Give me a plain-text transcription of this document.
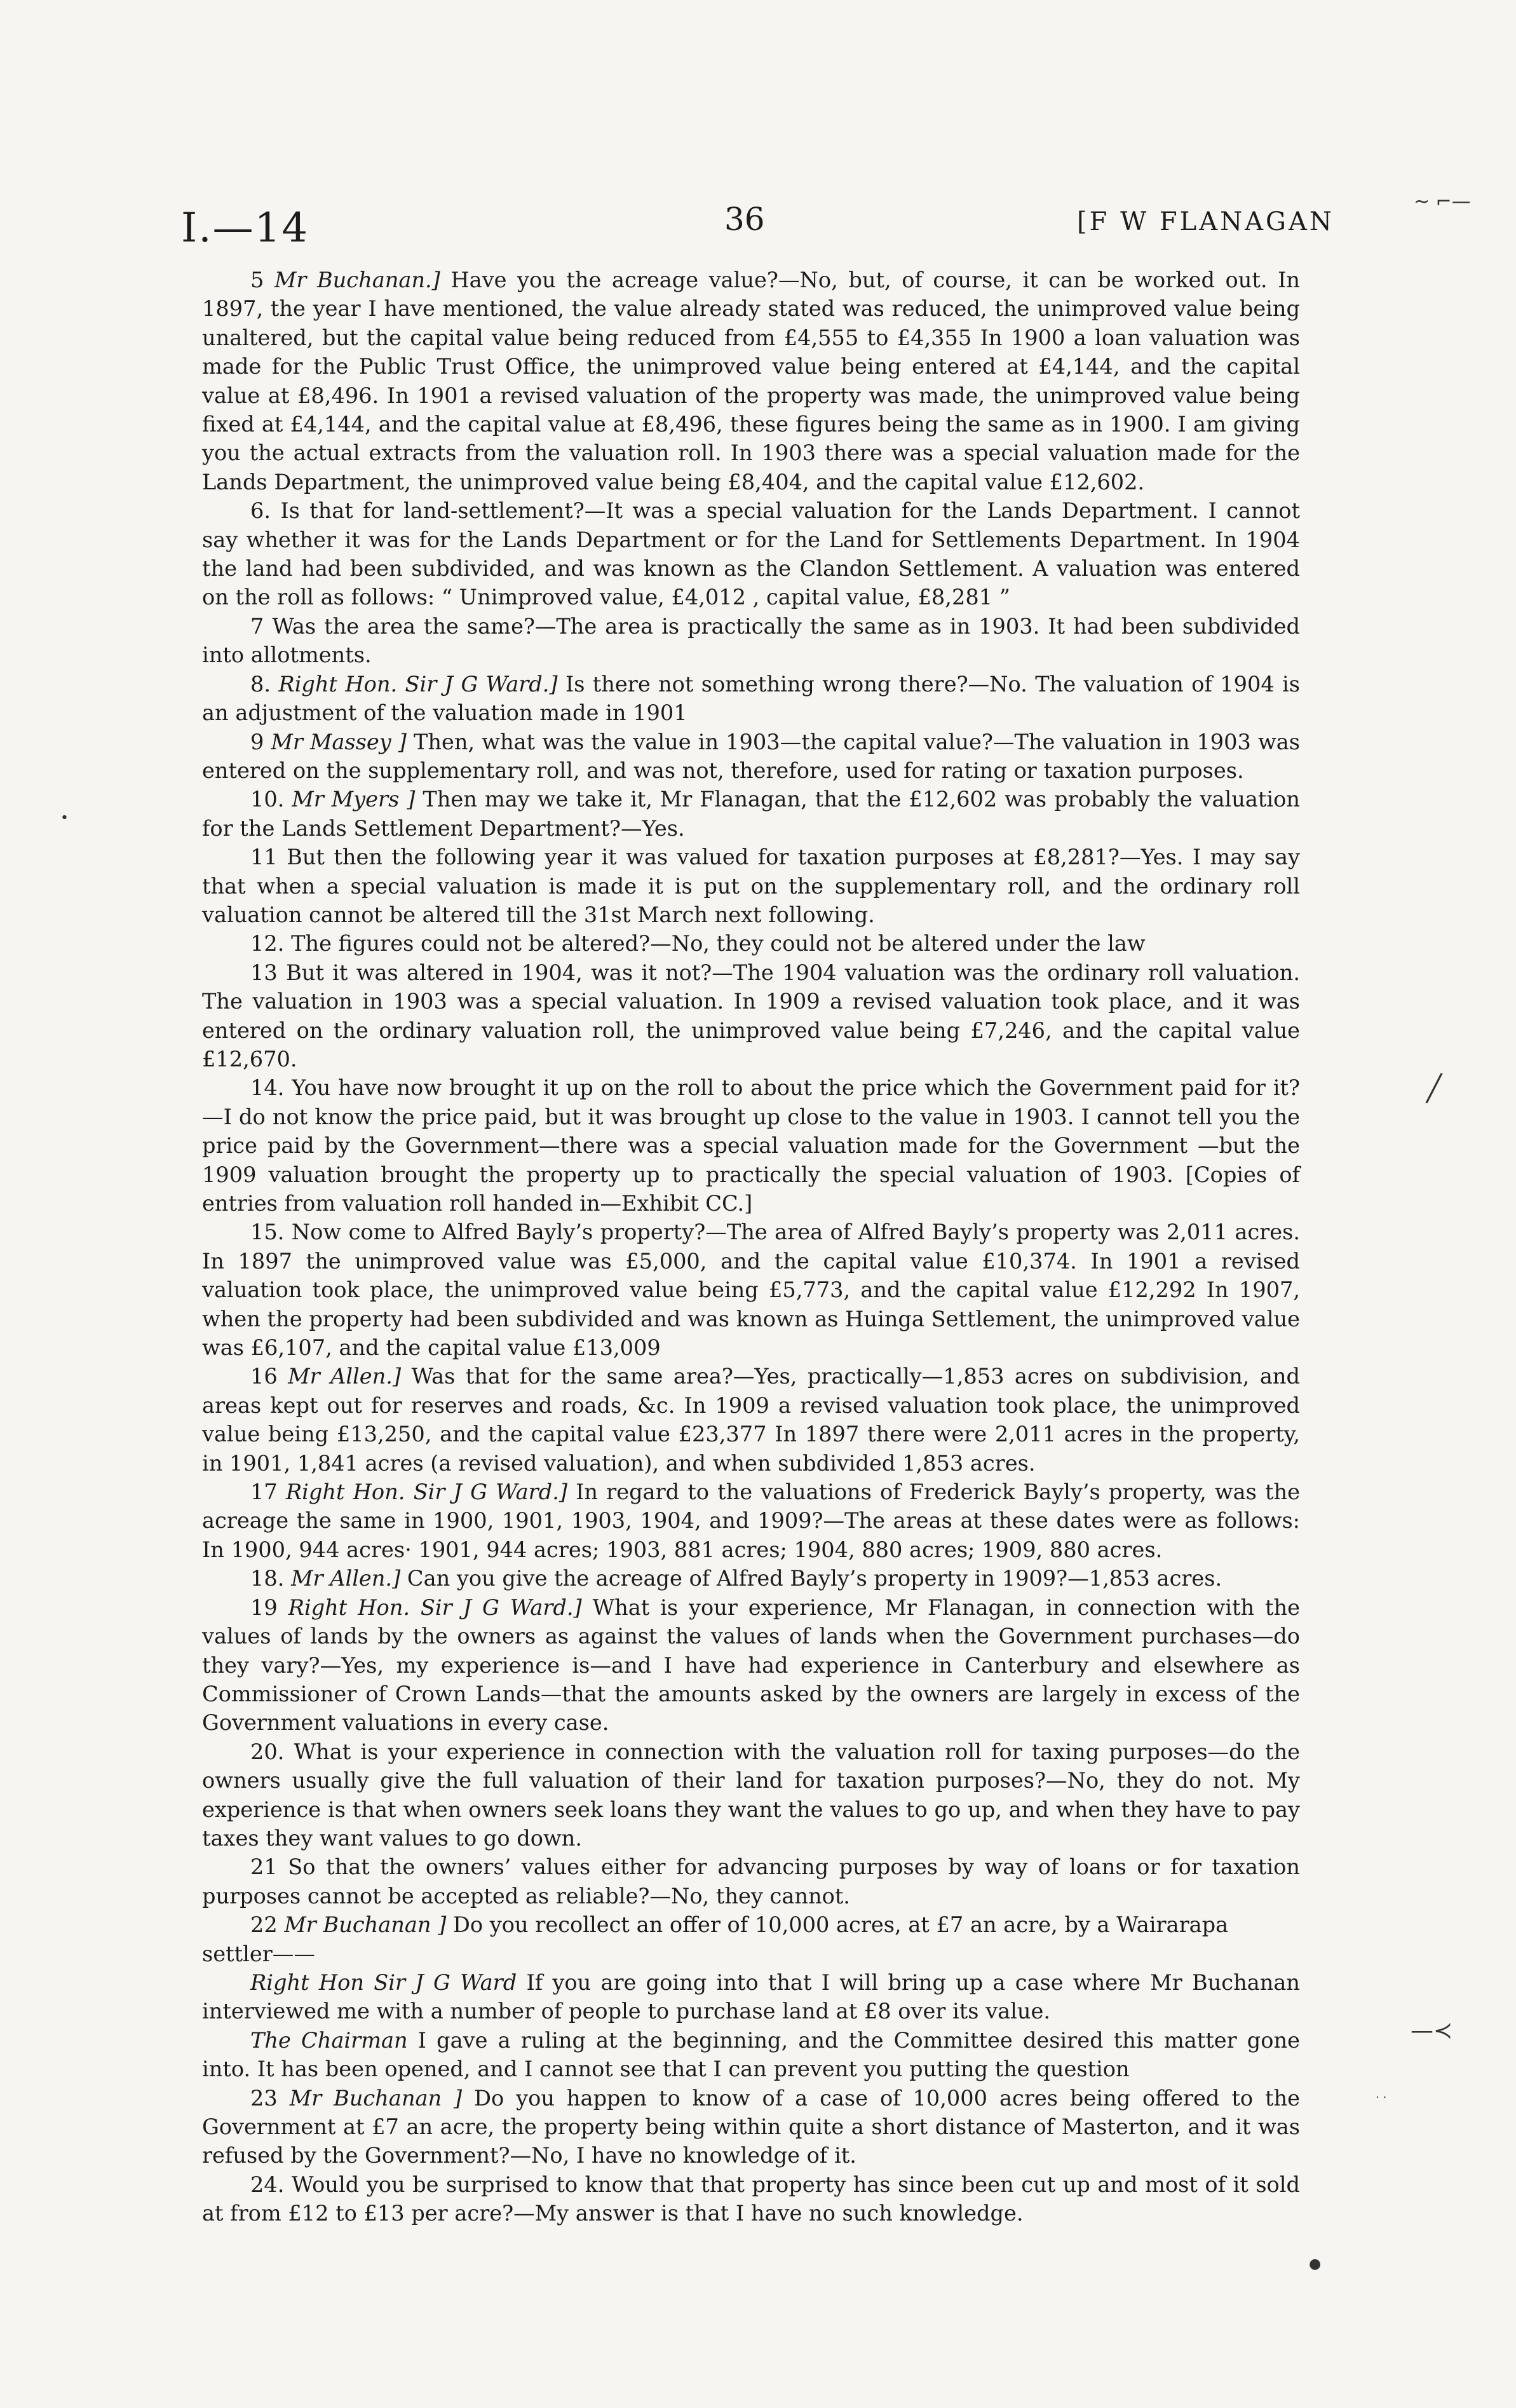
I.—14	36	[F W FLANAGAN

5 Mr Buchanan.] Have you the acreage value?—No, but, of course, it can be worked out. In 1897, the year I have mentioned, the value already stated was reduced, the unimproved value being unaltered, but the capital value being reduced from £4,555 to £4,355 In 1900 a loan valuation was made for the Public Trust Office, the unimproved value being entered at £4,144, and the capital value at £8,496. In 1901 a revised valuation of the property was made, the unimproved value being fixed at £4,144, and the capital value at £8,496, these figures being the same as in 1900. I am giving you the actual extracts from the valuation roll. In 1903 there was a special valuation made for the Lands Department, the unimproved value being £8,404, and the capital value £12,602.

6. Is that for land-settlement?—It was a special valuation for the Lands Department. I cannot say whether it was for the Lands Department or for the Land for Settlements Department. In 1904 the land had been subdivided, and was known as the Clandon Settlement. A valuation was entered on the roll as follows: “ Unimproved value, £4,012 , capital value, £8,281 ”

7 Was the area the same?—The area is practically the same as in 1903. It had been subdivided into allotments.

8. Right Hon. Sir J G Ward.] Is there not something wrong there?—No. The valuation of 1904 is an adjustment of the valuation made in 1901

9 Mr Massey ] Then, what was the value in 1903—the capital value?—The valuation in 1903 was entered on the supplementary roll, and was not, therefore, used for rating or taxation purposes.

10. Mr Myers ] Then may we take it, Mr Flanagan, that the £12,602 was probably the valuation for the Lands Settlement Department?—Yes.

11 But then the following year it was valued for taxation purposes at £8,281?—Yes. I may say that when a special valuation is made it is put on the supplementary roll, and the ordinary roll valuation cannot be altered till the 31st March next following.

12. The figures could not be altered?—No, they could not be altered under the law

13 But it was altered in 1904, was it not?—The 1904 valuation was the ordinary roll valuation. The valuation in 1903 was a special valuation. In 1909 a revised valuation took place, and it was entered on the ordinary valuation roll, the unimproved value being £7,246, and the capital value £12,670.

14. You have now brought it up on the roll to about the price which the Government paid for it?—I do not know the price paid, but it was brought up close to the value in 1903. I cannot tell you the price paid by the Government—there was a special valuation made for the Government —but the 1909 valuation brought the property up to practically the special valuation of 1903. [Copies of entries from valuation roll handed in—Exhibit CC.]

15. Now come to Alfred Bayly’s property?—The area of Alfred Bayly’s property was 2,011 acres. In 1897 the unimproved value was £5,000, and the capital value £10,374. In 1901 a revised valuation took place, the unimproved value being £5,773, and the capital value £12,292 In 1907, when the property had been subdivided and was known as Huinga Settlement, the unimproved value was £6,107, and the capital value £13,009

16 Mr Allen.] Was that for the same area?—Yes, practically—1,853 acres on subdivision, and areas kept out for reserves and roads, &c. In 1909 a revised valuation took place, the unimproved value being £13,250, and the capital value £23,377 In 1897 there were 2,011 acres in the property, in 1901, 1,841 acres (a revised valuation), and when subdivided 1,853 acres.

17 Right Hon. Sir J G Ward.] In regard to the valuations of Frederick Bayly’s property, was the acreage the same in 1900, 1901, 1903, 1904, and 1909?—The areas at these dates were as follows: In 1900, 944 acres· 1901, 944 acres; 1903, 881 acres; 1904, 880 acres; 1909, 880 acres.

18. Mr Allen.] Can you give the acreage of Alfred Bayly’s property in 1909?—1,853 acres.

19 Right Hon. Sir J G Ward.] What is your experience, Mr Flanagan, in connection with the values of lands by the owners as against the values of lands when the Government purchases—do they vary?—Yes, my experience is—and I have had experience in Canterbury and elsewhere as Commissioner of Crown Lands—that the amounts asked by the owners are largely in excess of the Government valuations in every case.

20. What is your experience in connection with the valuation roll for taxing purposes—do the owners usually give the full valuation of their land for taxation purposes?—No, they do not. My experience is that when owners seek loans they want the values to go up, and when they have to pay taxes they want values to go down.

21 So that the owners’ values either for advancing purposes by way of loans or for taxation purposes cannot be accepted as reliable?—No, they cannot.

22 Mr Buchanan ] Do you recollect an offer of 10,000 acres, at £7 an acre, by a Wairarapa

settler——

Right Hon Sir J G Ward If you are going into that I will bring up a case where Mr Buchanan interviewed me with a number of people to purchase land at £8 over its value.

The Chairman I gave a ruling at the beginning, and the Committee desired this matter gone into. It has been opened, and I cannot see that I can prevent you putting the question

23 Mr Buchanan ] Do you happen to know of a case of 10,000 acres being offered to the Government at £7 an acre, the property being within quite a short distance of Masterton, and it was refused by the Government?—No, I have no knowledge of it.

24. Would you be surprised to know that that property has since been cut up and most of it sold at from £12 to £13 per acre?—My answer is that I have no such knowledge.

~ ⌐—
╱
—≺
· ·
●
•
